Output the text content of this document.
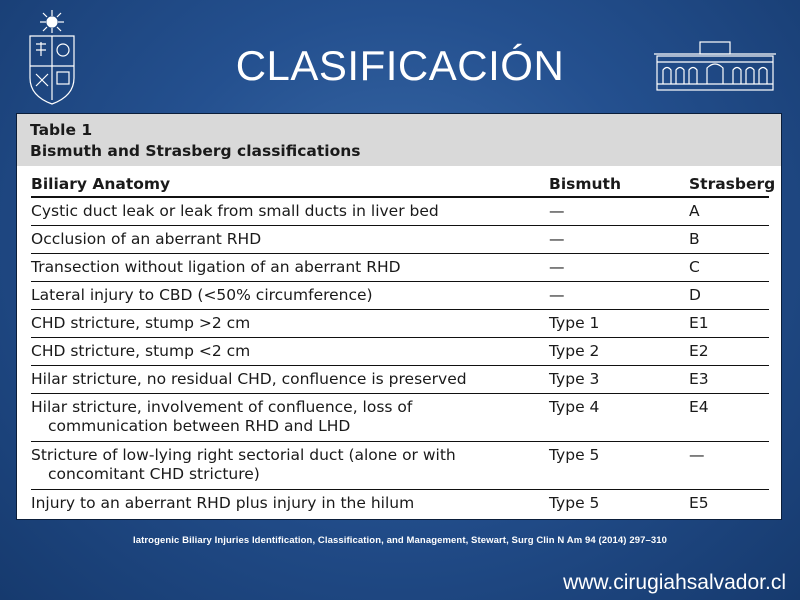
CLASIFICACIÓN
Table 1
Bismuth and Strasberg classifications
Biliary Anatomy	Bismuth	Strasberg
Cystic duct leak or leak from small ducts in liver bed	—	A
Occlusion of an aberrant RHD	—	B
Transection without ligation of an aberrant RHD	—	C
Lateral injury to CBD (<50% circumference)	—	D
CHD stricture, stump >2 cm	Type 1	E1
CHD stricture, stump <2 cm	Type 2	E2
Hilar stricture, no residual CHD, confluence is preserved	Type 3	E3
Hilar stricture, involvement of confluence, loss of
communication between RHD and LHD
Type 4	E4
Stricture of low-lying right sectorial duct (alone or with
concomitant CHD stricture)
Type 5	—
Injury to an aberrant RHD plus injury in the hilum	Type 5	E5
Iatrogenic Biliary Injuries Identification, Classification, and Management, Stewart, Surg Clin N Am 94 (2014) 297–310
www.cirugiahsalvador.cl
